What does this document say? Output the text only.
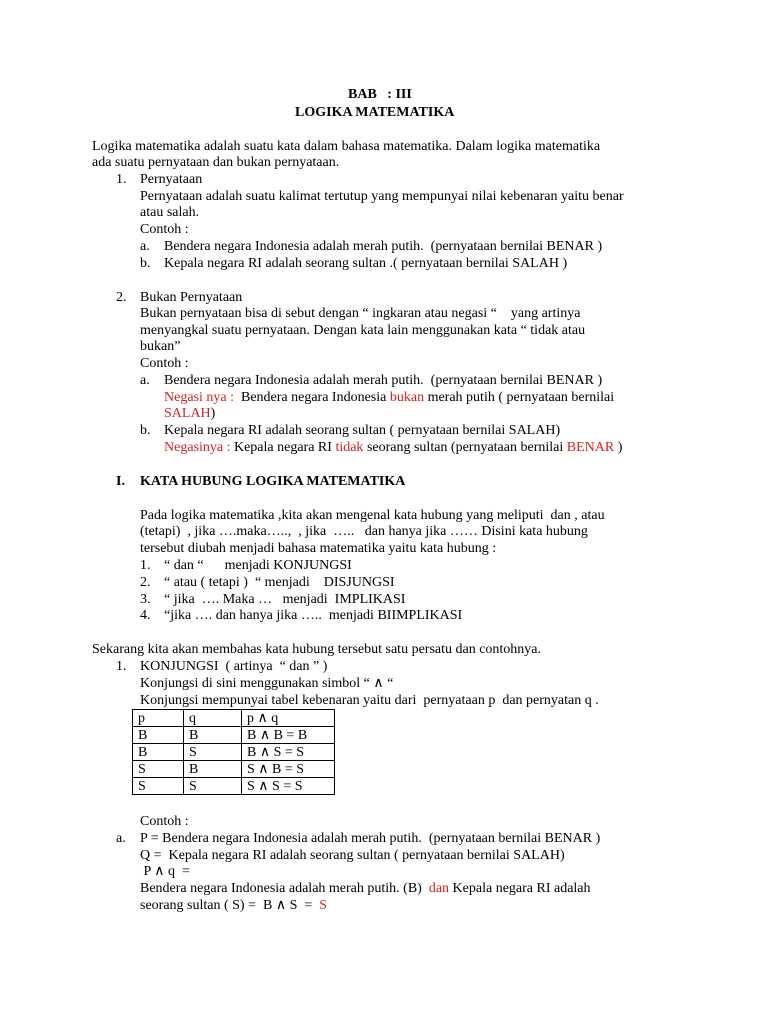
BAB   : III
LOGIKA MATEMATIKA
Logika matematika adalah suatu kata dalam bahasa matematika. Dalam logika matematika
ada suatu pernyataan dan bukan pernyataan.
1. Pernyataan
Pernyataan adalah suatu kalimat tertutup yang mempunyai nilai kebenaran yaitu benar
atau salah.
Contoh :
a. Bendera negara Indonesia adalah merah putih.  (pernyataan bernilai BENAR )
b. Kepala negara RI adalah seorang sultan .( pernyataan bernilai SALAH )
2. Bukan Pernyataan
Bukan pernyataan bisa di sebut dengan “ ingkaran atau negasi “    yang artinya
menyangkal suatu pernyataan. Dengan kata lain menggunakan kata “ tidak atau
bukan”
Contoh :
a. Bendera negara Indonesia adalah merah putih.  (pernyataan bernilai BENAR )
Negasi nya :  Bendera negara Indonesia bukan merah putih ( pernyataan bernilai
SALAH)
b. Kepala negara RI adalah seorang sultan ( pernyataan bernilai SALAH)
Negasinya : Kepala negara RI tidak seorang sultan (pernyataan bernilai BENAR )
I. KATA HUBUNG LOGIKA MATEMATIKA
Pada logika matematika ,kita akan mengenal kata hubung yang meliputi  dan , atau
(tetapi)  , jika ….maka…..,  , jika  …..   dan hanya jika …… Disini kata hubung
tersebut diubah menjadi bahasa matematika yaitu kata hubung :
1. “ dan “      menjadi KONJUNGSI
2. “ atau ( tetapi )  “ menjadi    DISJUNGSI
3. “ jika  …. Maka …   menjadi  IMPLIKASI
4. “jika …. dan hanya jika …..  menjadi BIIMPLIKASI
Sekarang kita akan membahas kata hubung tersebut satu persatu dan contohnya.
1. KONJUNGSI  ( artinya  “ dan ” )
Konjungsi di sini menggunakan simbol “ ∧ “
Konjungsi mempunyai tabel kebenaran yaitu dari  pernyataan p  dan pernyatan q .
p	q	p ∧ q
B	B	B ∧ B = B
B	S	B ∧ S = S
S	B	S ∧ B = S
S	S	S ∧ S = S
Contoh :
a. P = Bendera negara Indonesia adalah merah putih.  (pernyataan bernilai BENAR )
Q =  Kepala negara RI adalah seorang sultan ( pernyataan bernilai SALAH)
P ∧ q  =
Bendera negara Indonesia adalah merah putih. (B)  dan Kepala negara RI adalah
seorang sultan ( S) =  B ∧ S  =  S
